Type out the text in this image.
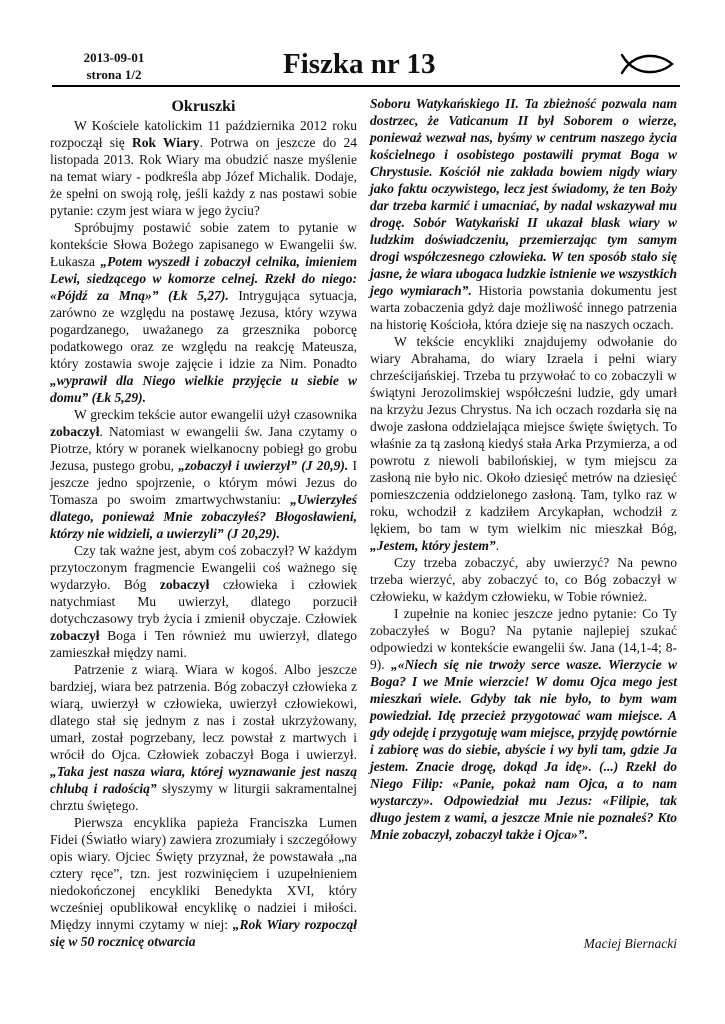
2013-09-01
strona 1/2	Fiszka nr 13
Okruszki

W Kościele katolickim 11 października 2012 roku rozpoczął się Rok Wiary. Potrwa on jeszcze do 24 listopada 2013. Rok Wiary ma obudzić nasze myślenie na temat wiary - podkreśla abp Józef Michalik. Dodaje, że spełni on swoją rolę, jeśli każdy z nas postawi sobie pytanie: czym jest wiara w jego życiu?

Spróbujmy postawić sobie zatem to pytanie w kontekście Słowa Bożego zapisanego w Ewangelii św. Łukasza „Potem wyszedł i zobaczył celnika, imieniem Lewi, siedzącego w komorze celnej. Rzekł do niego: «Pójdź za Mną»” (Łk 5,27). Intrygująca sytuacja, zarówno ze względu na postawę Jezusa, który wzywa pogardzanego, uważanego za grzesznika poborcę podatkowego oraz ze względu na reakcję Mateusza, który zostawia swoje zajęcie i idzie za Nim. Ponadto „wyprawił dla Niego wielkie przyjęcie u siebie w domu” (Łk 5,29).

W greckim tekście autor ewangelii użył czasownika zobaczył. Natomiast w ewangelii św. Jana czytamy o Piotrze, który w poranek wielkanocny pobiegł go grobu Jezusa, pustego grobu, „zobaczył i uwierzył” (J 20,9). I jeszcze jedno spojrzenie, o którym mówi Jezus do Tomasza po swoim zmartwychwstaniu: „Uwierzyłeś dlatego, ponieważ Mnie zobaczyłeś? Błogosławieni, którzy nie widzieli, a uwierzyli” (J 20,29).

Czy tak ważne jest, abym coś zobaczył? W każdym przytoczonym fragmencie Ewangelii coś ważnego się wydarzyło. Bóg zobaczył człowieka i człowiek natychmiast Mu uwierzył, dlatego porzucił dotychczasowy tryb życia i zmienił obyczaje. Człowiek zobaczył Boga i Ten również mu uwierzył, dlatego zamieszkał między nami.

Patrzenie z wiarą. Wiara w kogoś. Albo jeszcze bardziej, wiara bez patrzenia. Bóg zobaczył człowieka z wiarą, uwierzył w człowieka, uwierzył człowiekowi, dlatego stał się jednym z nas i został ukrzyżowany, umarł, został pogrzebany, lecz powstał z martwych i wrócił do Ojca. Człowiek zobaczył Boga i uwierzył. „Taka jest nasza wiara, której wyznawanie jest naszą chlubą i radością” słyszymy w liturgii sakramentalnej chrztu świętego.

Pierwsza encyklika papieża Franciszka Lumen Fidei (Światło wiary) zawiera zrozumiały i szczegółowy opis wiary. Ojciec Święty przyznał, że powstawała „na cztery ręce”, tzn. jest rozwinięciem i uzupełnieniem niedokończonej encykliki Benedykta XVI, który wcześniej opublikował encyklikę o nadziei i miłości. Między innymi czytamy w niej: „Rok Wiary rozpoczął się w 50 rocznicę otwarcia

Soboru Watykańskiego II. Ta zbieżność pozwala nam dostrzec, że Vaticanum II był Soborem o wierze, ponieważ wezwał nas, byśmy w centrum naszego życia kościelnego i osobistego postawili prymat Boga w Chrystusie. Kościół nie zakłada bowiem nigdy wiary jako faktu oczywistego, lecz jest świadomy, że ten Boży dar trzeba karmić i umacniać, by nadal wskazywał mu drogę. Sobór Watykański II ukazał blask wiary w ludzkim doświadczeniu, przemierzając tym samym drogi współczesnego człowieka. W ten sposób stało się jasne, że wiara ubogaca ludzkie istnienie we wszystkich jego wymiarach”. Historia powstania dokumentu jest warta zobaczenia gdyż daje możliwość innego patrzenia na historię Kościoła, która dzieje się na naszych oczach.

W tekście encykliki znajdujemy odwołanie do wiary Abrahama, do wiary Izraela i pełni wiary chrześcijańskiej. Trzeba tu przywołać to co zobaczyli w świątyni Jerozolimskiej współcześni ludzie, gdy umarł na krzyżu Jezus Chrystus. Na ich oczach rozdarła się na dwoje zasłona oddzielająca miejsce święte świętych. To właśnie za tą zasłoną kiedyś stała Arka Przymierza, a od powrotu z niewoli babilońskiej, w tym miejscu za zasłoną nie było nic. Około dziesięć metrów na dziesięć pomieszczenia oddzielonego zasłoną. Tam, tylko raz w roku, wchodził z kadziłem Arcykapłan, wchodził z lękiem, bo tam w tym wielkim nic mieszkał Bóg, „Jestem, który jestem”.

Czy trzeba zobaczyć, aby uwierzyć? Na pewno trzeba wierzyć, aby zobaczyć to, co Bóg zobaczył w człowieku, w każdym człowieku, w Tobie również.

I zupełnie na koniec jeszcze jedno pytanie: Co Ty zobaczyłeś w Bogu? Na pytanie najlepiej szukać odpowiedzi w kontekście ewangelii św. Jana (14,1-4; 8-9). „«Niech się nie trwoży serce wasze. Wierzycie w Boga? I we Mnie wierzcie! W domu Ojca mego jest mieszkań wiele. Gdyby tak nie było, to bym wam powiedział. Idę przecież przygotować wam miejsce. A gdy odejdę i przygotuję wam miejsce, przyjdę powtórnie i zabiorę was do siebie, abyście i wy byli tam, gdzie Ja jestem. Znacie drogę, dokąd Ja idę». (...) Rzekł do Niego Filip: «Panie, pokaż nam Ojca, a to nam wystarczy». Odpowiedział mu Jezus: «Filipie, tak długo jestem z wami, a jeszcze Mnie nie poznałeś? Kto Mnie zobaczył, zobaczył także i Ojca»”.

Maciej Biernacki
